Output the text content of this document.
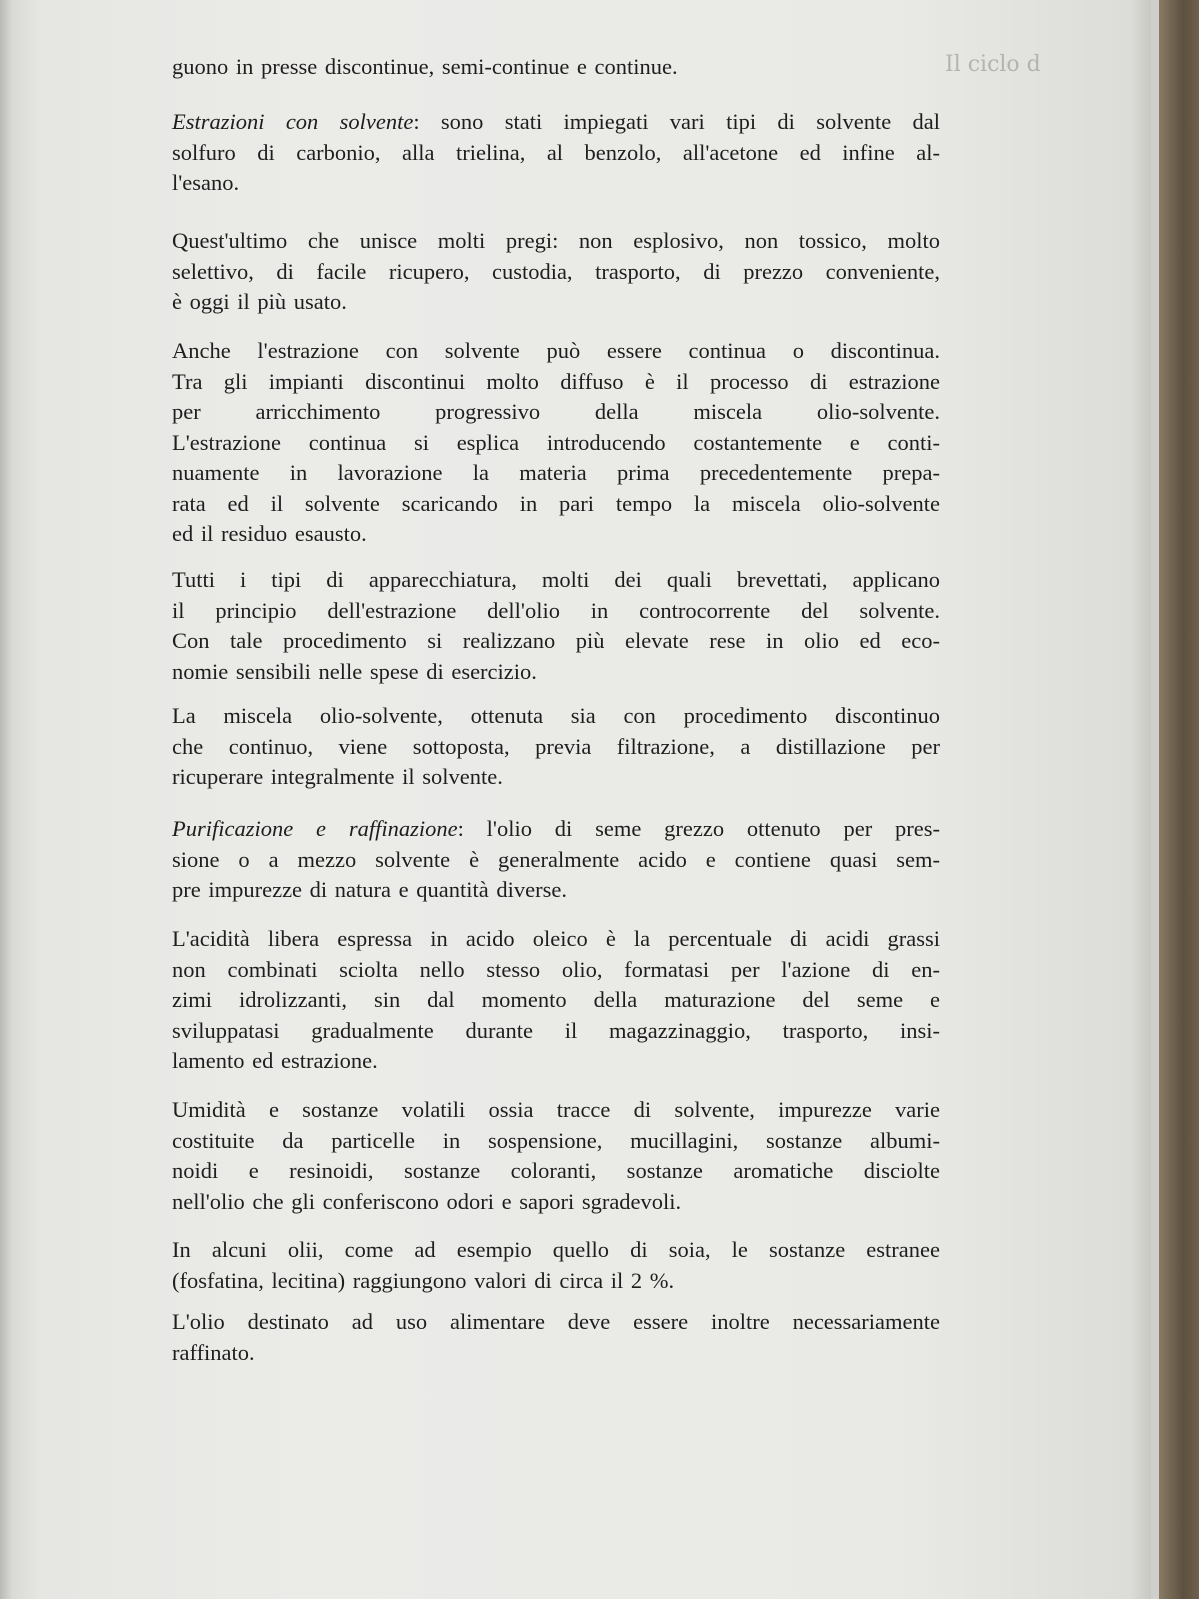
Il ciclo d
guono in presse discontinue, semi-continue e continue.
Estrazioni con solvente: sono stati impiegati vari tipi di solvente dal
solfuro di carbonio, alla trielina, al benzolo, all'acetone ed infine al-
l'esano.
Quest'ultimo che unisce molti pregi: non esplosivo, non tossico, molto
selettivo, di facile ricupero, custodia, trasporto, di prezzo conveniente,
è oggi il più usato.
Anche l'estrazione con solvente può essere continua o discontinua.
Tra gli impianti discontinui molto diffuso è il processo di estrazione
per arricchimento progressivo della miscela olio-solvente.
L'estrazione continua si esplica introducendo costantemente e conti-
nuamente in lavorazione la materia prima precedentemente prepa-
rata ed il solvente scaricando in pari tempo la miscela olio-solvente
ed il residuo esausto.
Tutti i tipi di apparecchiatura, molti dei quali brevettati, applicano
il principio dell'estrazione dell'olio in controcorrente del solvente.
Con tale procedimento si realizzano più elevate rese in olio ed eco-
nomie sensibili nelle spese di esercizio.
La miscela olio-solvente, ottenuta sia con procedimento discontinuo
che continuo, viene sottoposta, previa filtrazione, a distillazione per
ricuperare integralmente il solvente.
Purificazione e raffinazione: l'olio di seme grezzo ottenuto per pres-
sione o a mezzo solvente è generalmente acido e contiene quasi sem-
pre impurezze di natura e quantità diverse.
L'acidità libera espressa in acido oleico è la percentuale di acidi grassi
non combinati sciolta nello stesso olio, formatasi per l'azione di en-
zimi idrolizzanti, sin dal momento della maturazione del seme e
sviluppatasi gradualmente durante il magazzinaggio, trasporto, insi-
lamento ed estrazione.
Umidità e sostanze volatili ossia tracce di solvente, impurezze varie
costituite da particelle in sospensione, mucillagini, sostanze albumi-
noidi e resinoidi, sostanze coloranti, sostanze aromatiche disciolte
nell'olio che gli conferiscono odori e sapori sgradevoli.
In alcuni olii, come ad esempio quello di soia, le sostanze estranee
(fosfatina, lecitina) raggiungono valori di circa il 2 %.
L'olio destinato ad uso alimentare deve essere inoltre necessariamente
raffinato.
